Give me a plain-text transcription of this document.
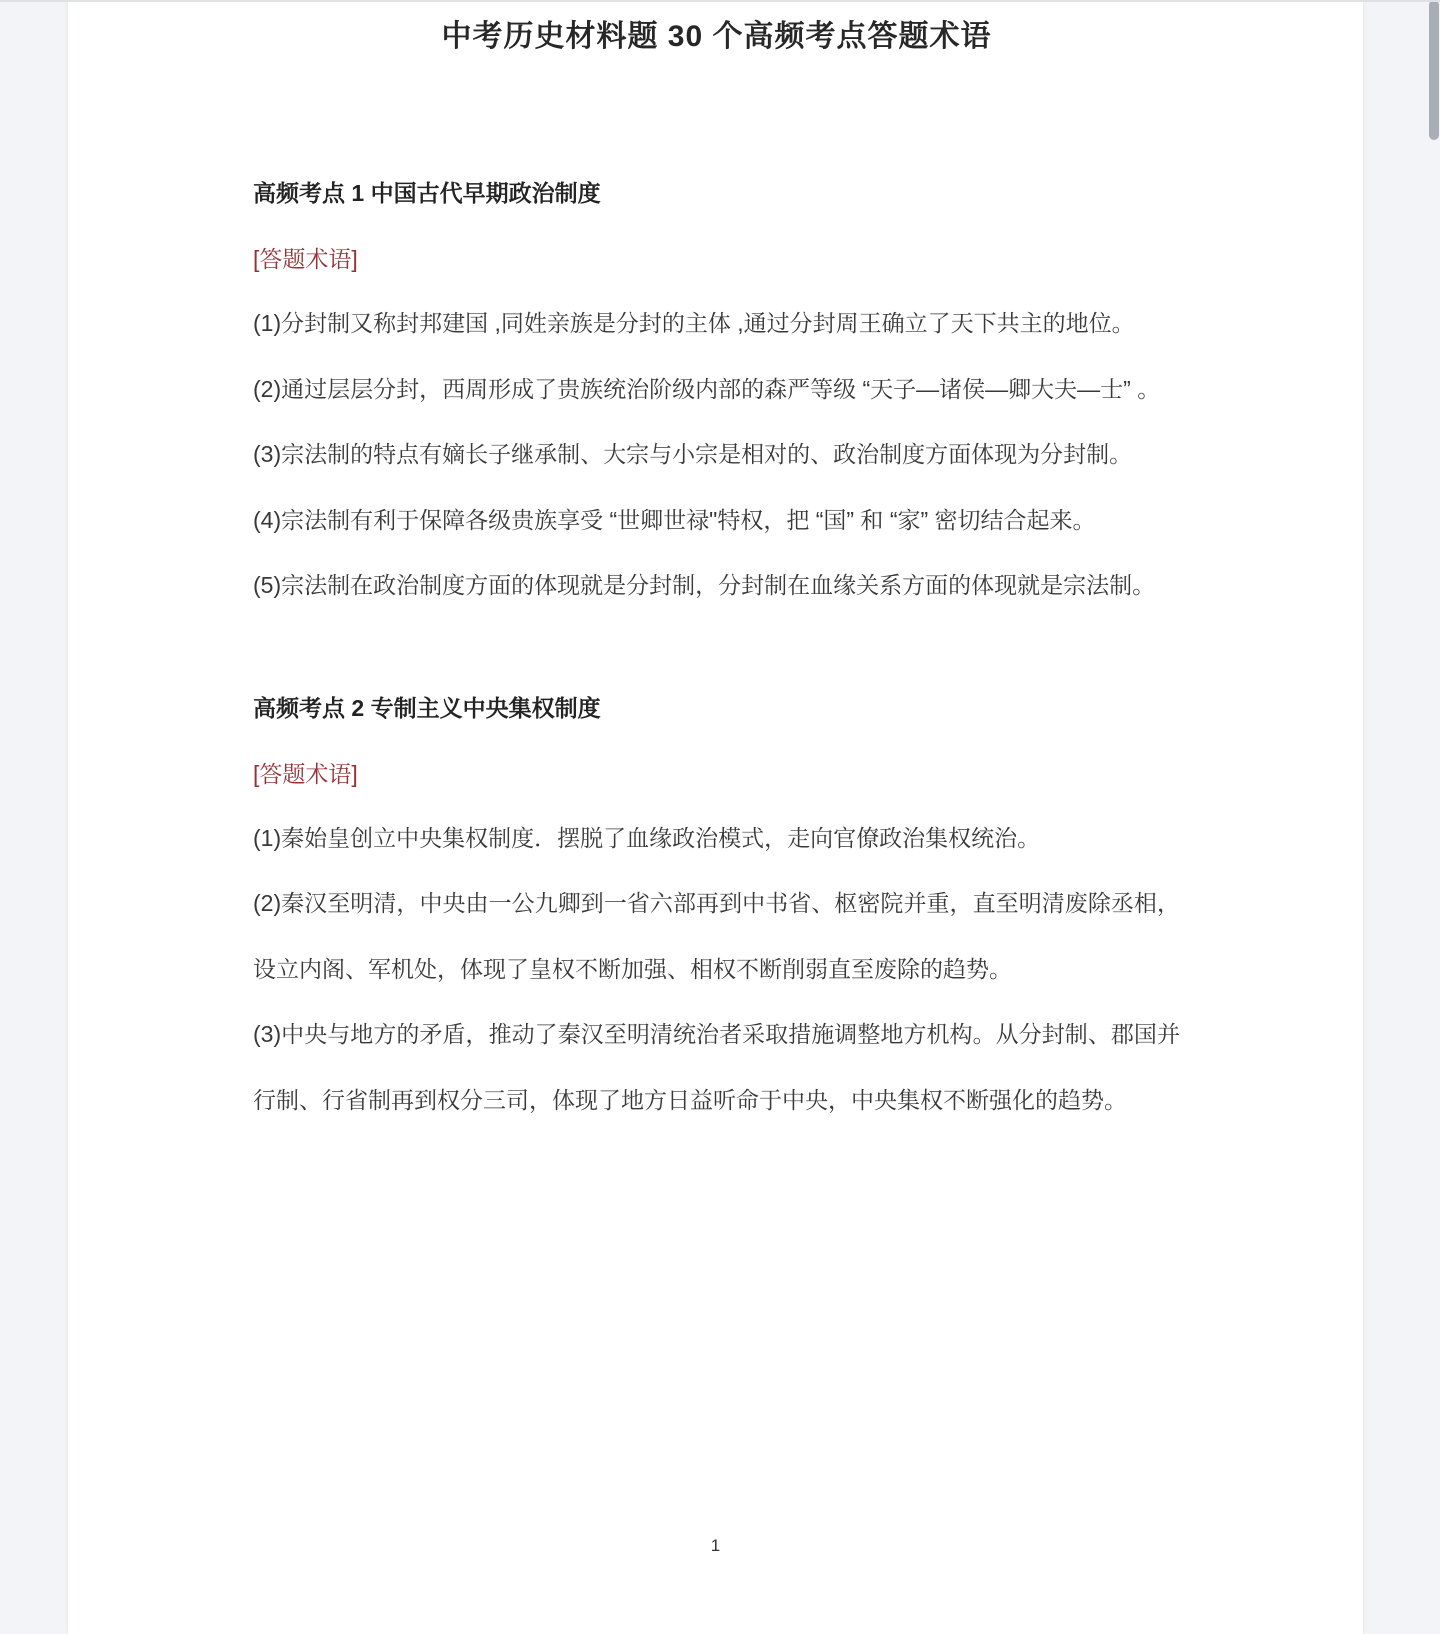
中考历史材料题 30 个高频考点答题术语
高频考点 1 中国古代早期政治制度

[答题术语]

(1)分封制又称封邦建国 ,同姓亲族是分封的主体 ,通过分封周王确立了天下共主的地位。

(2)通过层层分封，西周形成了贵族统治阶级内部的森严等级 “天子—诸侯—卿大夫—士” 。

(3)宗法制的特点有嫡长子继承制、大宗与小宗是相对的、政治制度方面体现为分封制。

(4)宗法制有利于保障各级贵族享受 “世卿世禄"特权，把 “国” 和 “家” 密切结合起来。

(5)宗法制在政治制度方面的体现就是分封制，分封制在血缘关系方面的体现就是宗法制。

高频考点 2 专制主义中央集权制度

[答题术语]

(1)秦始皇创立中央集权制度．摆脱了血缘政治模式，走向官僚政治集权统治。

(2)秦汉至明清，中央由一公九卿到一省六部再到中书省、枢密院并重，直至明清废除丞相，设立内阁、军机处，体现了皇权不断加强、相权不断削弱直至废除的趋势。

(3)中央与地方的矛盾，推动了秦汉至明清统治者采取措施调整地方机构。从分封制、郡国并行制、行省制再到权分三司，体现了地方日益听命于中央，中央集权不断强化的趋势。

1
